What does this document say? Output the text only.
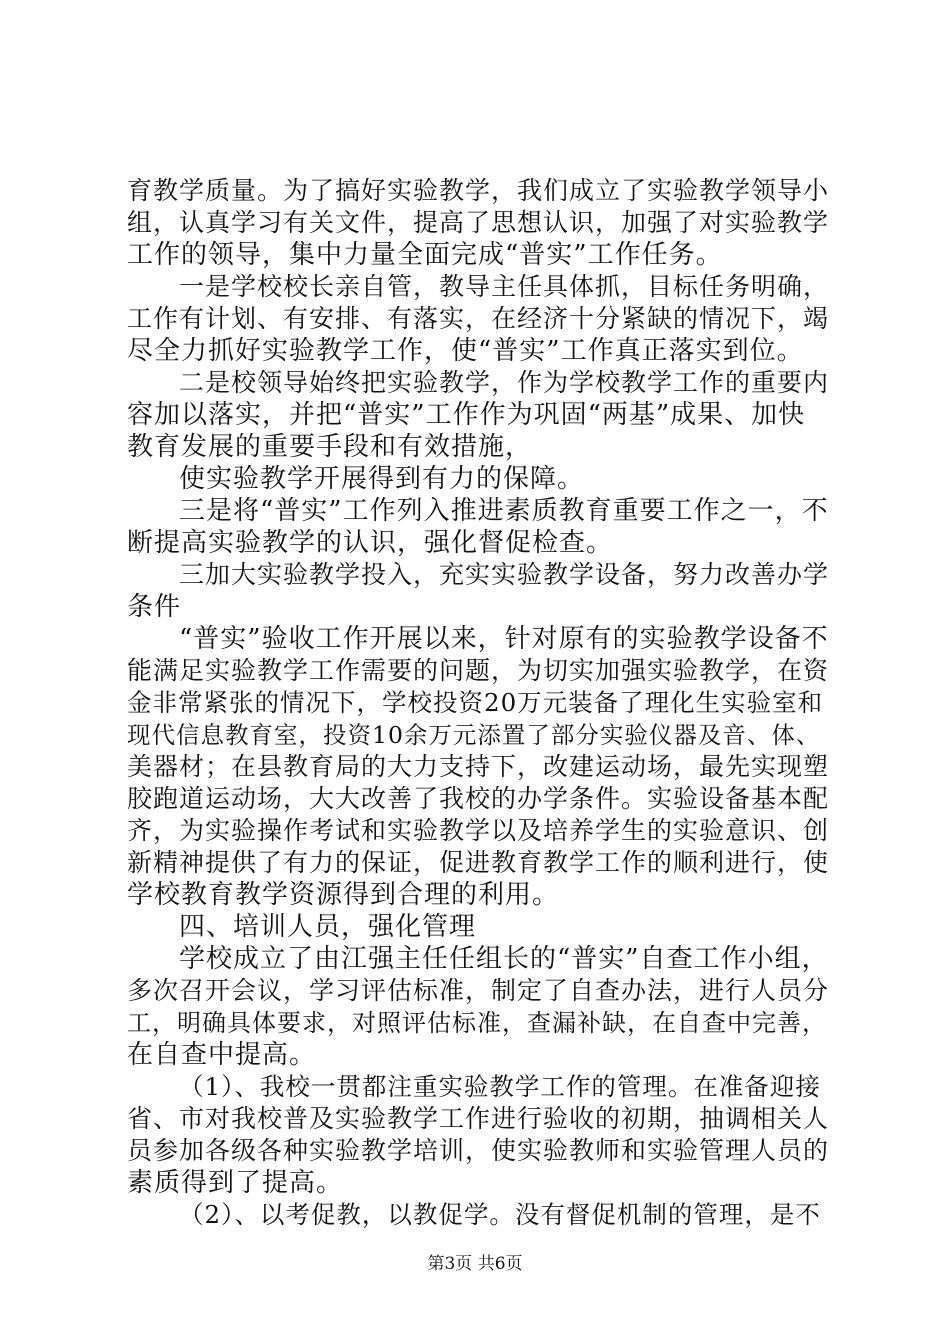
育教学质量。为了搞好实验教学，我们成立了实验教学领导小
组，认真学习有关文件，提高了思想认识，加强了对实验教学
工作的领导，集中力量全面完成“普实”工作任务。
一是学校校长亲自管，教导主任具体抓，目标任务明确，
工作有计划、有安排、有落实，在经济十分紧缺的情况下，竭
尽全力抓好实验教学工作，使“普实”工作真正落实到位。
二是校领导始终把实验教学，作为学校教学工作的重要内
容加以落实，并把“普实”工作作为巩固“两基”成果、加快
教育发展的重要手段和有效措施，
使实验教学开展得到有力的保障。
三是将“普实”工作列入推进素质教育重要工作之一，不
断提高实验教学的认识，强化督促检查。
三加大实验教学投入，充实实验教学设备，努力改善办学
条件
“普实”验收工作开展以来，针对原有的实验教学设备不
能满足实验教学工作需要的问题，为切实加强实验教学，在资
金非常紧张的情况下，学校投资20万元装备了理化生实验室和
现代信息教育室，投资10余万元添置了部分实验仪器及音、体、
美器材；在县教育局的大力支持下，改建运动场，最先实现塑
胶跑道运动场，大大改善了我校的办学条件。实验设备基本配
齐，为实验操作考试和实验教学以及培养学生的实验意识、创
新精神提供了有力的保证，促进教育教学工作的顺利进行，使
学校教育教学资源得到合理的利用。
四、培训人员，强化管理
学校成立了由江强主任任组长的“普实”自查工作小组，
多次召开会议，学习评估标准，制定了自查办法，进行人员分
工，明确具体要求，对照评估标准，查漏补缺，在自查中完善，
在自查中提高。
（1）、我校一贯都注重实验教学工作的管理。在准备迎接
省、市对我校普及实验教学工作进行验收的初期，抽调相关人
员参加各级各种实验教学培训，使实验教师和实验管理人员的
素质得到了提高。
（2）、以考促教，以教促学。没有督促机制的管理，是不
第3页 共6页
